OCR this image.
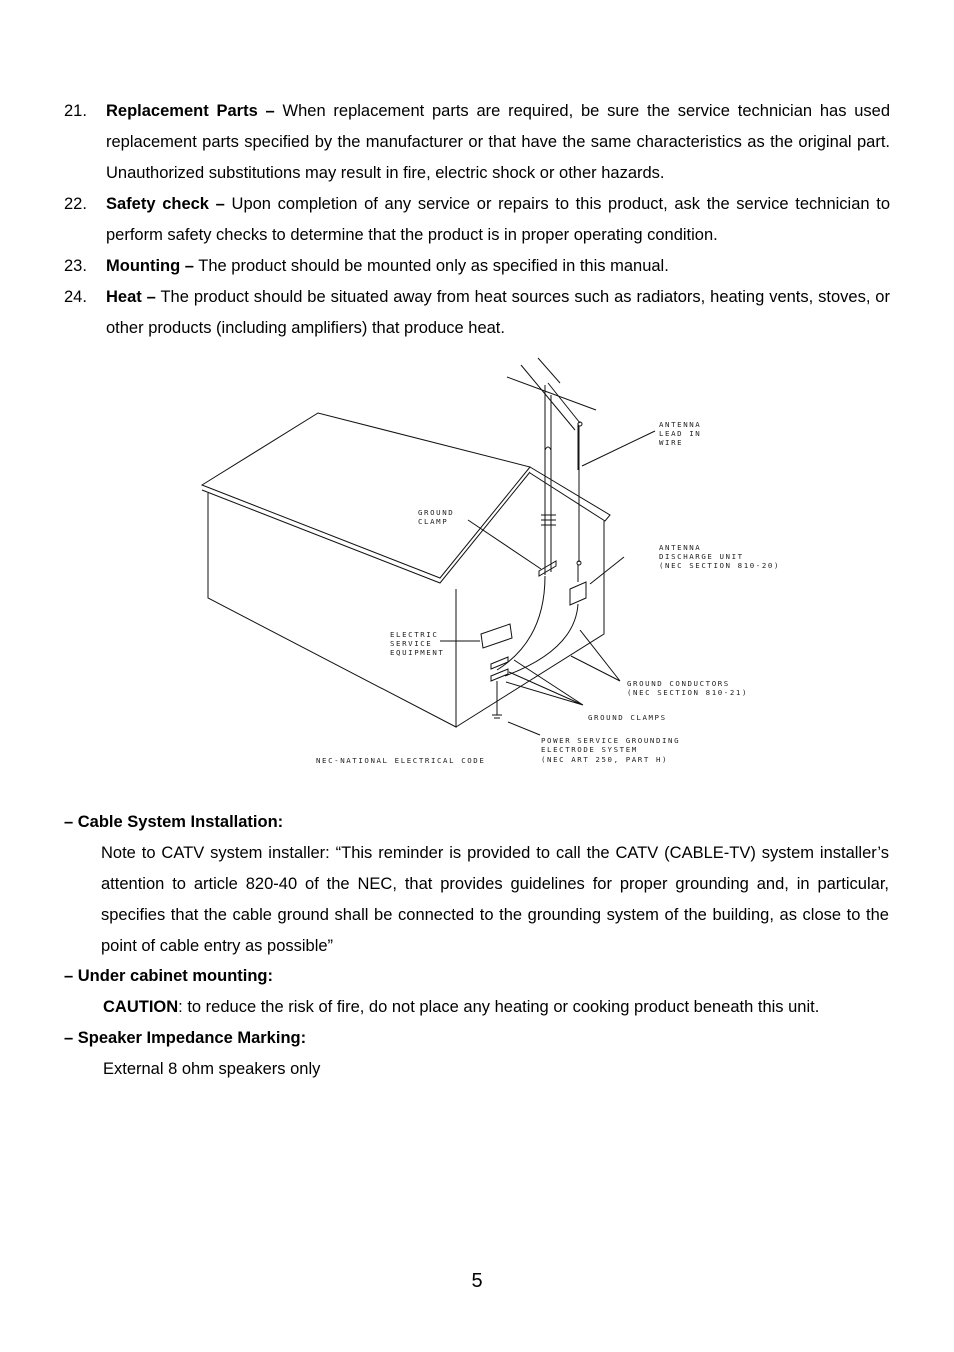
21. Replacement Parts – When replacement parts are required, be sure the service technician has used replacement parts specified by the manufacturer or that have the same characteristics as the original part. Unauthorized substitutions may result in fire, electric shock or other hazards.
22. Safety check – Upon completion of any service or repairs to this product, ask the service technician to perform safety checks to determine that the product is in proper operating condition.
23. Mounting – The product should be mounted only as specified in this manual.
24. Heat – The product should be situated away from heat sources such as radiators, heating vents, stoves, or other products (including amplifiers) that produce heat.
ANTENNA
LEAD IN
WIRE
GROUND
CLAMP
ANTENNA
DISCHARGE UNIT
(NEC SECTION 810-20)
ELECTRIC
SERVICE
EQUIPMENT
GROUND CONDUCTORS
(NEC SECTION 810-21)
GROUND CLAMPS
POWER SERVICE GROUNDING
ELECTRODE SYSTEM
(NEC ART 250, PART H)
NEC-NATIONAL ELECTRICAL CODE
– Cable System Installation:
Note to CATV system installer: “This reminder is provided to call the CATV (CABLE-TV) system installer’s attention to article 820-40 of the NEC, that provides guidelines for proper grounding and, in particular, specifies that the cable ground shall be connected to the grounding system of the building, as close to the point of cable entry as possible”
– Under cabinet mounting:
CAUTION: to reduce the risk of fire, do not place any heating or cooking product beneath this unit.
– Speaker Impedance Marking:
External 8 ohm speakers only
5
